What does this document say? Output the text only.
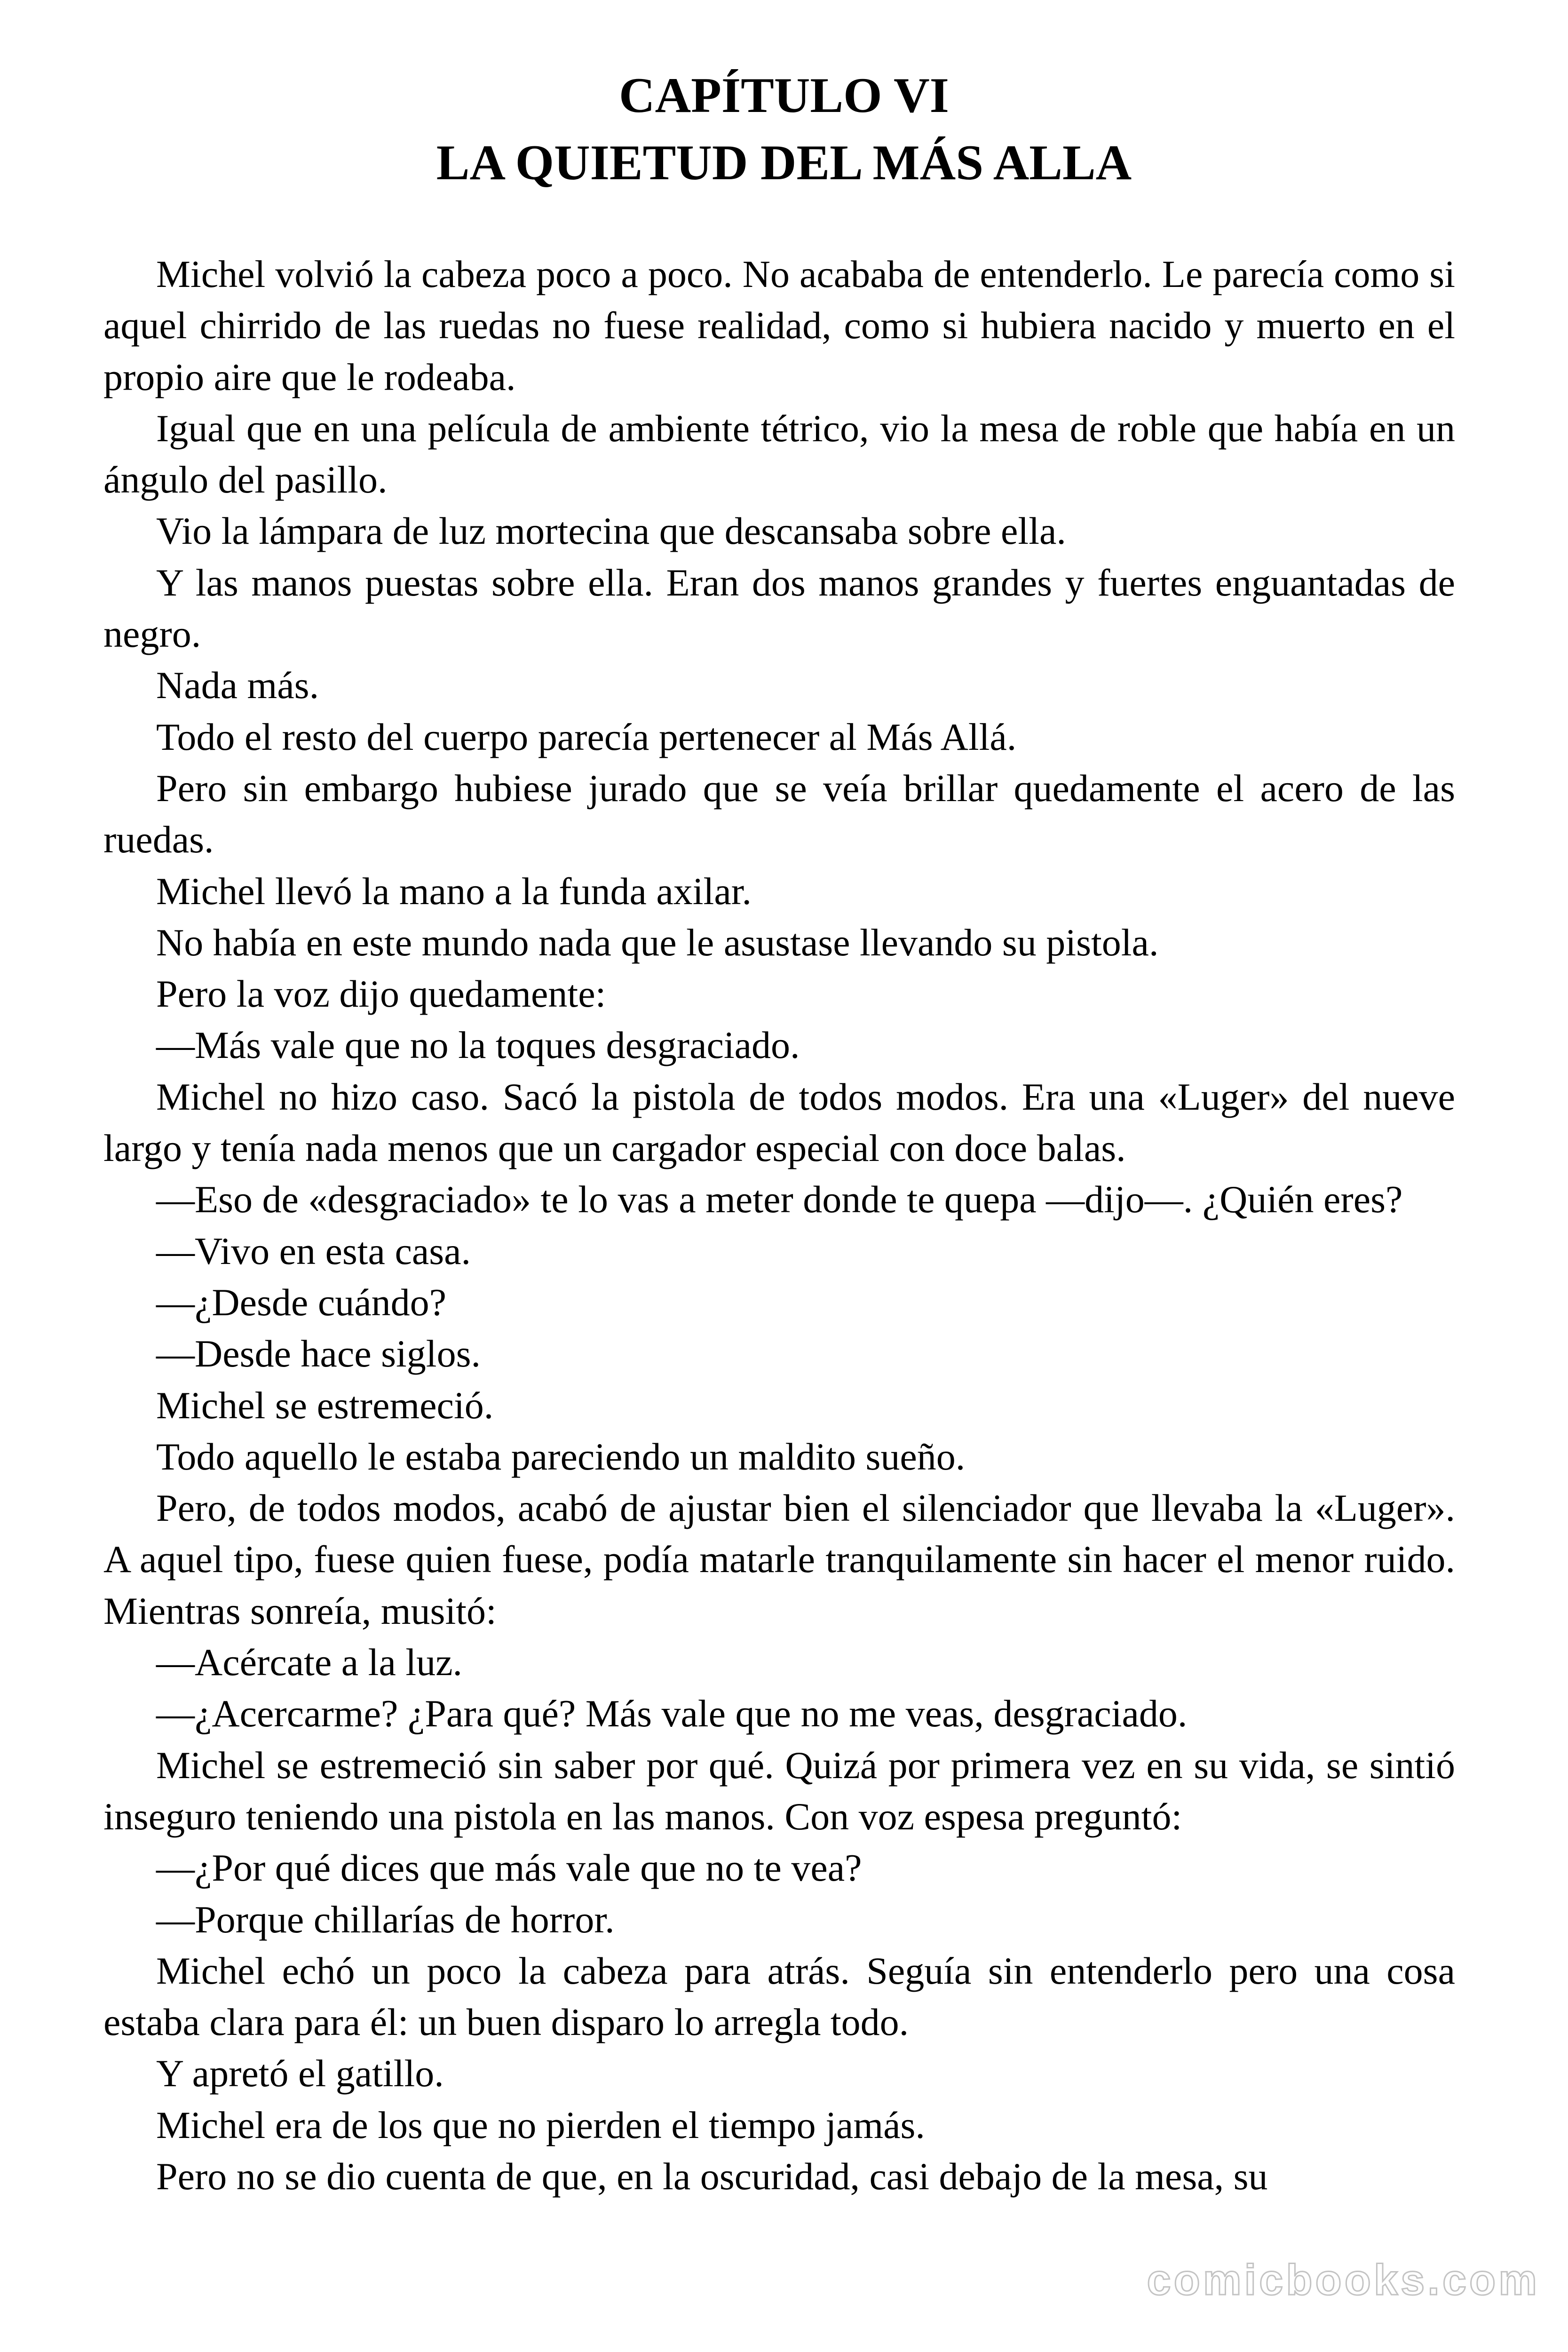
CAPÍTULO VI
LA QUIETUD DEL MÁS ALLA

Michel volvió la cabeza poco a poco. No acababa de entenderlo. Le parecía como si aquel chirrido de las ruedas no fuese realidad, como si hubiera nacido y muerto en el propio aire que le rodeaba.

Igual que en una película de ambiente tétrico, vio la mesa de roble que había en un ángulo del pasillo.

Vio la lámpara de luz mortecina que descansaba sobre ella.

Y las manos puestas sobre ella. Eran dos manos grandes y fuertes enguantadas de negro.

Nada más.

Todo el resto del cuerpo parecía pertenecer al Más Allá.

Pero sin embargo hubiese jurado que se veía brillar quedamente el acero de las ruedas.

Michel llevó la mano a la funda axilar.

No había en este mundo nada que le asustase llevando su pistola.

Pero la voz dijo quedamente:

—Más vale que no la toques desgraciado.

Michel no hizo caso. Sacó la pistola de todos modos. Era una «Luger» del nueve largo y tenía nada menos que un cargador especial con doce balas.

—Eso de «desgraciado» te lo vas a meter donde te quepa —dijo—. ¿Quién eres?

—Vivo en esta casa.

—¿Desde cuándo?

—Desde hace siglos.

Michel se estremeció.

Todo aquello le estaba pareciendo un maldito sueño.

Pero, de todos modos, acabó de ajustar bien el silenciador que llevaba la «Luger». A aquel tipo, fuese quien fuese, podía matarle tranquilamente sin hacer el menor ruido. Mientras sonreía, musitó:

—Acércate a la luz.

—¿Acercarme? ¿Para qué? Más vale que no me veas, desgraciado.

Michel se estremeció sin saber por qué. Quizá por primera vez en su vida, se sintió inseguro teniendo una pistola en las manos. Con voz espesa preguntó:

—¿Por qué dices que más vale que no te vea?

—Porque chillarías de horror.

Michel echó un poco la cabeza para atrás. Seguía sin entenderlo pero una cosa estaba clara para él: un buen disparo lo arregla todo.

Y apretó el gatillo.

Michel era de los que no pierden el tiempo jamás.

Pero no se dio cuenta de que, en la oscuridad, casi debajo de la mesa, su

comicbooks.com
